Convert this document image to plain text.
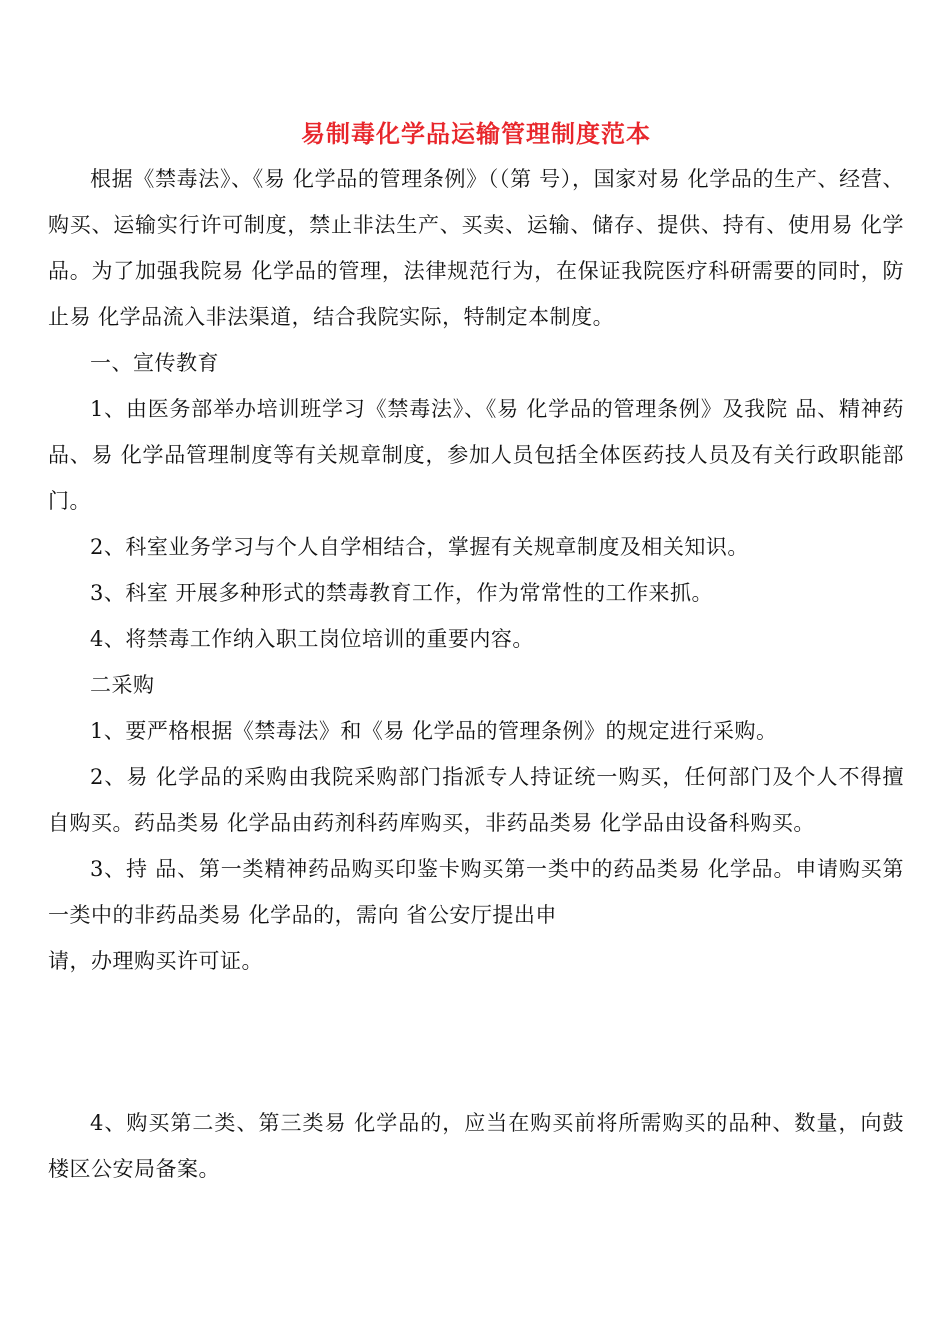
易制毒化学品运输管理制度范本

根据《禁毒法》、《易 化学品的管理条例》（（第 号），国家对易 化学品的生产、经营、购买、运输实行许可制度，禁止非法生产、买卖、运输、储存、提供、持有、使用易 化学品。为了加强我院易 化学品的管理，法律规范行为，在保证我院医疗科研需要的同时，防止易 化学品流入非法渠道，结合我院实际，特制定本制度。

一、宣传教育

1、由医务部举办培训班学习《禁毒法》、《易 化学品的管理条例》及我院 品、精神药品、易 化学品管理制度等有关规章制度，参加人员包括全体医药技人员及有关行政职能部门。

2、科室业务学习与个人自学相结合，掌握有关规章制度及相关知识。

3、科室 开展多种形式的禁毒教育工作，作为常常性的工作来抓。

4、将禁毒工作纳入职工岗位培训的重要内容。

二采购

1、要严格根据《禁毒法》和《易 化学品的管理条例》的规定进行采购。

2、易 化学品的采购由我院采购部门指派专人持证统一购买，任何部门及个人不得擅自购买。药品类易 化学品由药剂科药库购买，非药品类易 化学品由设备科购买。

3、持 品、第一类精神药品购买印鉴卡购买第一类中的药品类易 化学品。申请购买第一类中的非药品类易 化学品的，需向 省公安厅提出申

请，办理购买许可证。

4、购买第二类、第三类易 化学品的，应当在购买前将所需购买的品种、数量，向鼓楼区公安局备案。
